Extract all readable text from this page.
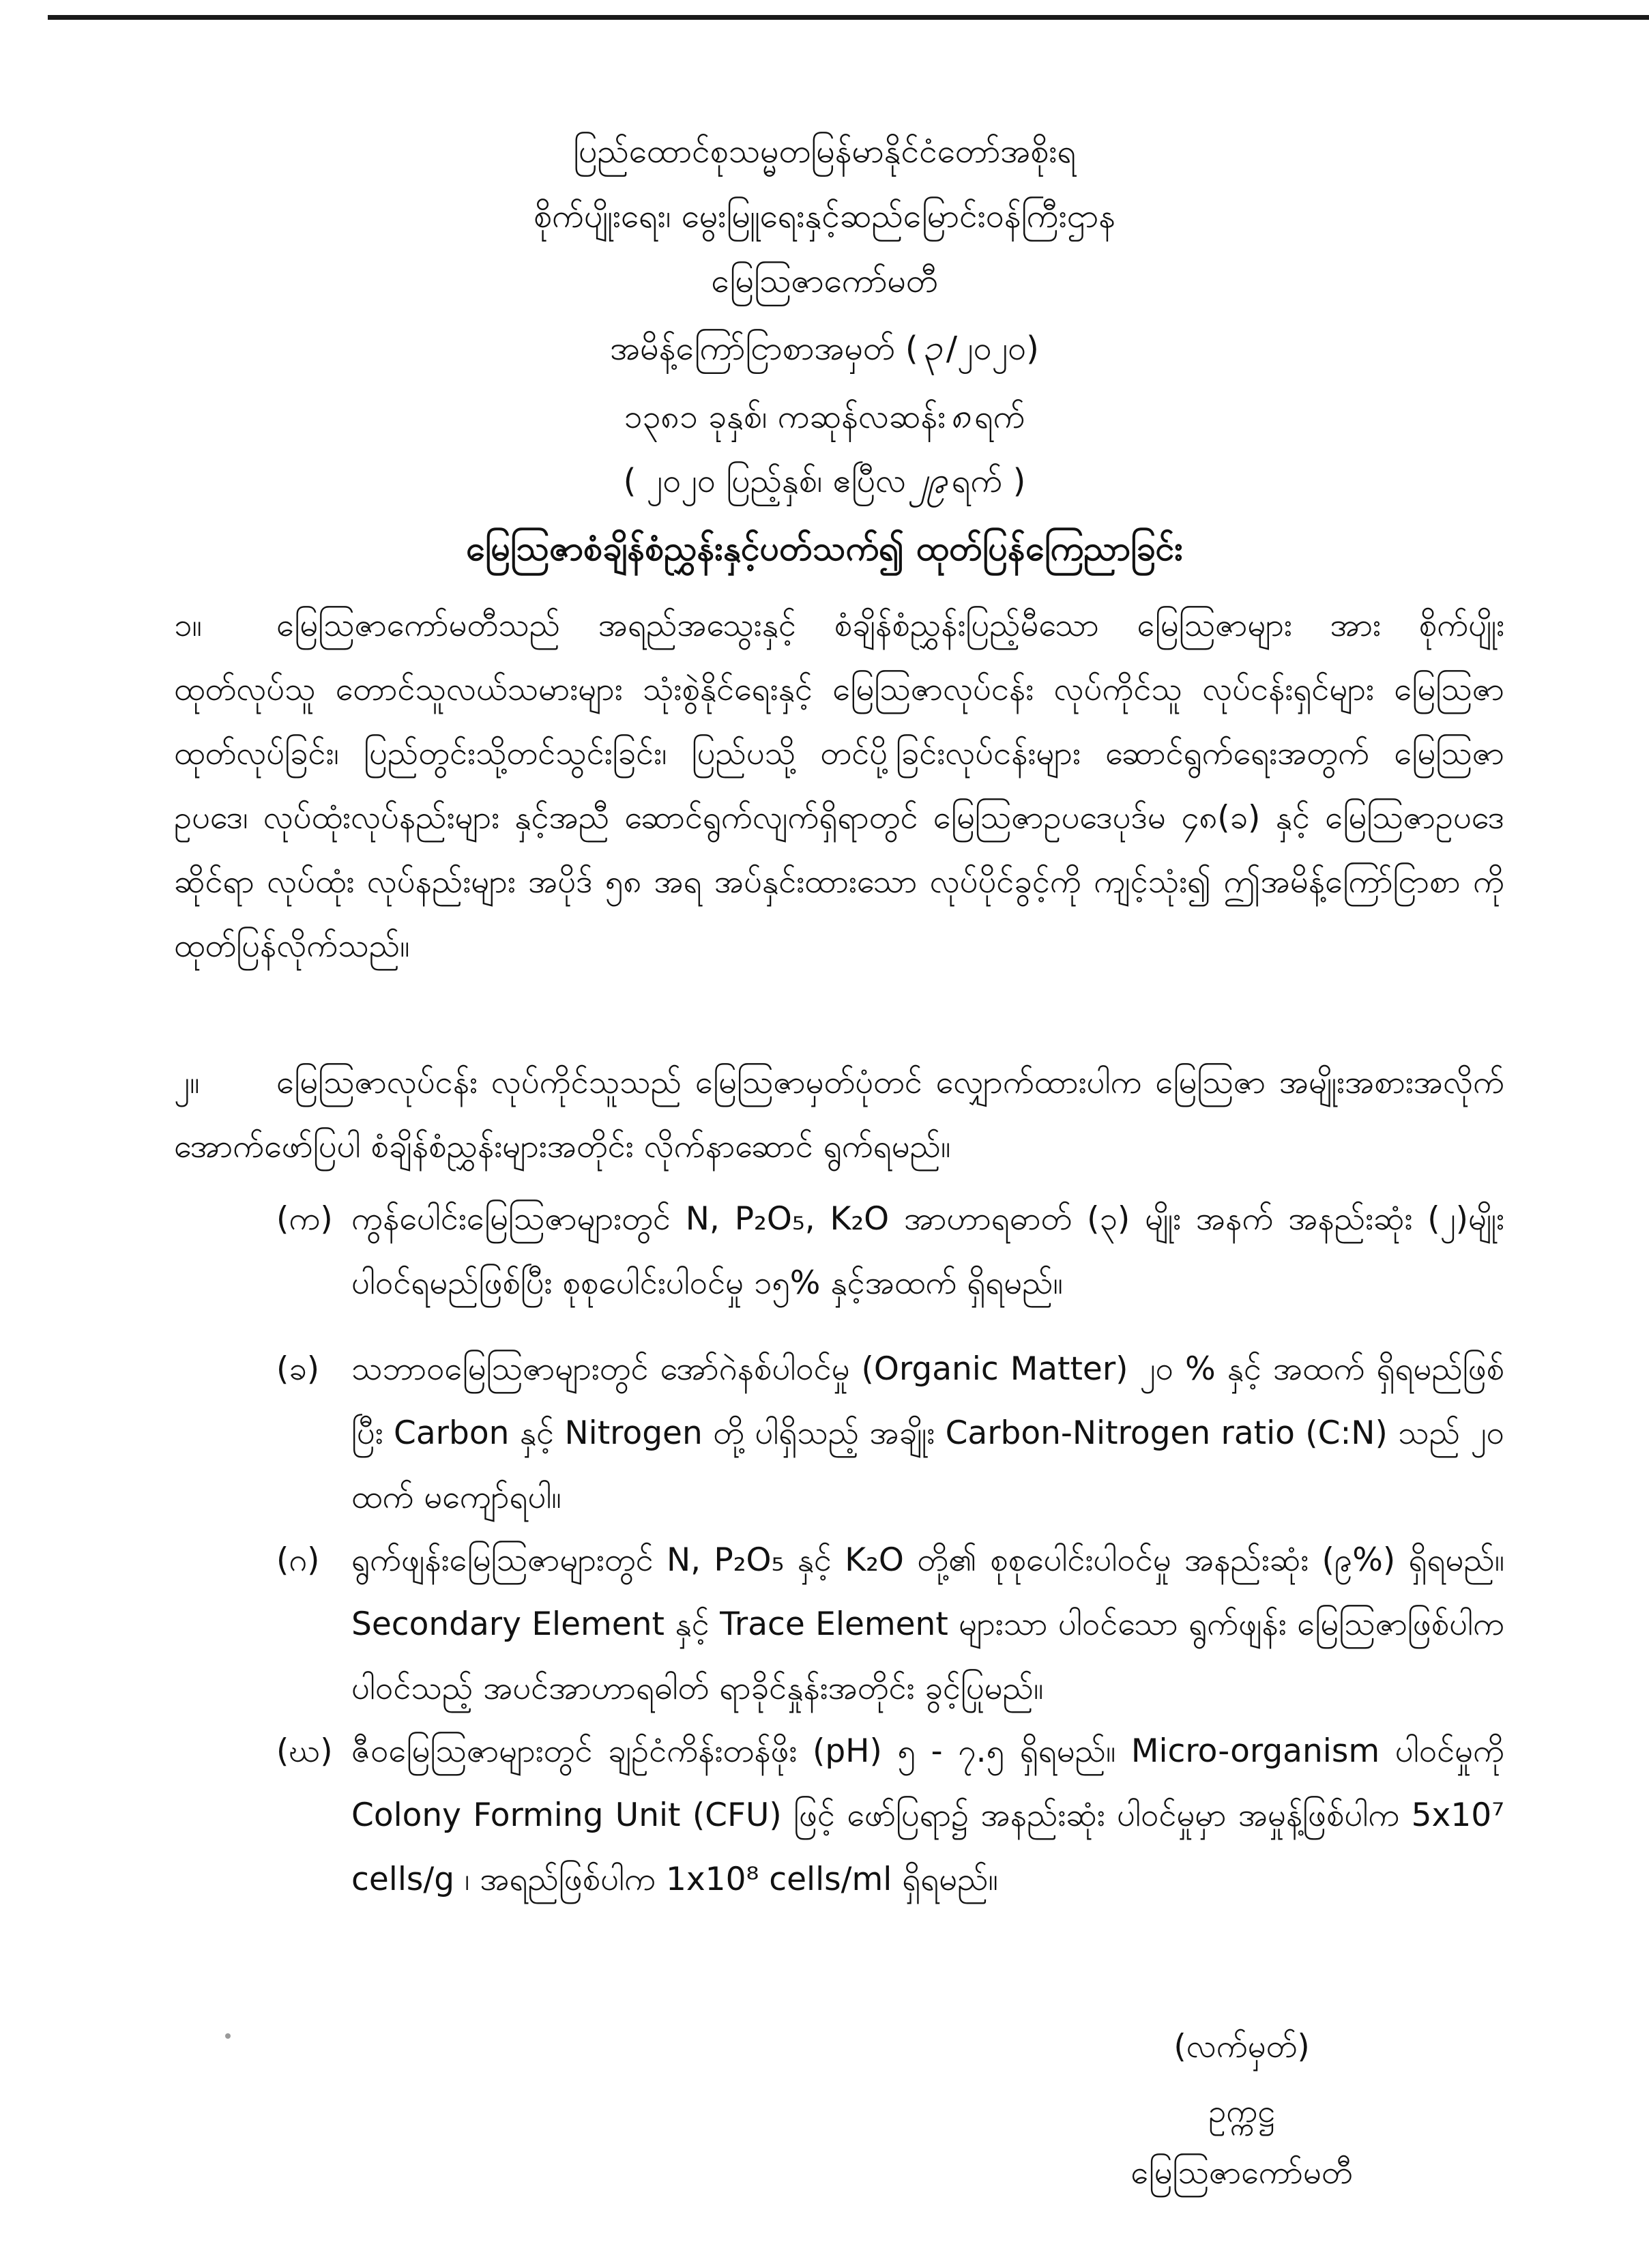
ပြည်ထောင်စုသမ္မတမြန်မာနိုင်ငံတော်အစိုးရ
စိုက်ပျိုးရေး၊ မွေးမြူရေးနှင့်ဆည်မြောင်းဝန်ကြီးဌာန
မြေသြဇာကော်မတီ
အမိန့်ကြော်ငြာစာအမှတ် ( ၃ /၂၀၂၀)
၁၃၈၁ ခုနှစ်၊ ကဆုန်လဆန်း ၈ ရက်
( ၂၀၂၀ ပြည့်နှစ်၊ ဧပြီလ ၂၉ ရက် )
မြေသြဇာစံချိန်စံညွှန်းနှင့်ပတ်သက်၍ ထုတ်ပြန်ကြေညာခြင်း
၁။ မြေသြဇာကော်မတီသည် အရည်အသွေးနှင့် စံချိန်စံညွှန်းပြည့်မီသော မြေသြဇာများ အား စိုက်ပျိုးထုတ်လုပ်သူ တောင်သူလယ်သမားများ သုံးစွဲနိုင်ရေးနှင့် မြေသြဇာလုပ်ငန်း လုပ်ကိုင်သူ လုပ်ငန်းရှင်များ မြေသြဇာထုတ်လုပ်ခြင်း၊ ပြည်တွင်းသို့တင်သွင်းခြင်း၊ ပြည်ပသို့ တင်ပို့ခြင်းလုပ်ငန်းများ ဆောင်ရွက်ရေးအတွက် မြေသြဇာဥပဒေ၊ လုပ်ထုံးလုပ်နည်းများ နှင့်အညီ ဆောင်ရွက်လျက်ရှိရာတွင် မြေသြဇာဥပဒေပုဒ်မ ၄၈(ခ) နှင့် မြေသြဇာဥပဒေဆိုင်ရာ လုပ်ထုံး လုပ်နည်းများ အပိုဒ် ၅၈ အရ အပ်နှင်းထားသော လုပ်ပိုင်ခွင့်ကို ကျင့်သုံး၍ ဤအမိန့်ကြော်ငြာစာ ကို ထုတ်ပြန်လိုက်သည်။
၂။ မြေသြဇာလုပ်ငန်း လုပ်ကိုင်သူသည် မြေသြဇာမှတ်ပုံတင် လျှောက်ထားပါက မြေသြဇာ အမျိုးအစားအလိုက် အောက်ဖော်ပြပါ စံချိန်စံညွှန်းများအတိုင်း လိုက်နာဆောင် ရွက်ရမည်။
(က) ကွန်ပေါင်းမြေသြဇာများတွင် N, P₂O₅, K₂O အာဟာရဓာတ် (၃) မျိုး အနက် အနည်းဆုံး (၂)မျိုး ပါဝင်ရမည်ဖြစ်ပြီး စုစုပေါင်းပါဝင်မှု ၁၅% နှင့်အထက် ရှိရမည်။
(ခ) သဘာဝမြေသြဇာများတွင် အော်ဂဲနစ်ပါဝင်မှု (Organic Matter) ၂၀ % နှင့် အထက် ရှိရမည်ဖြစ်ပြီး Carbon နှင့် Nitrogen တို့ ပါရှိသည့် အချိုး Carbon-Nitrogen ratio (C:N) သည် ၂၀ ထက် မကျော်ရပါ။
(ဂ) ရွက်ဖျန်းမြေသြဇာများတွင် N, P₂O₅ နှင့် K₂O တို့၏ စုစုပေါင်းပါဝင်မှု အနည်းဆုံး (၉%) ရှိရမည်။ Secondary Element နှင့် Trace Element များသာ ပါဝင်သော ရွက်ဖျန်း မြေသြဇာဖြစ်ပါက ပါဝင်သည့် အပင်အာဟာရဓါတ် ရာခိုင်နှုန်းအတိုင်း ခွင့်ပြုမည်။
(ဃ) ဇီဝမြေသြဇာများတွင် ချဉ်ငံကိန်းတန်ဖိုး (pH) ၅ - ၇.၅ ရှိရမည်။ Micro-organism ပါဝင်မှုကို Colony Forming Unit (CFU) ဖြင့် ဖော်ပြရာ၌ အနည်းဆုံး ပါဝင်မှုမှာ အမှုန့်ဖြစ်ပါက 5x10⁷ cells/g ၊ အရည်ဖြစ်ပါက 1x10⁸ cells/ml ရှိရမည်။
(လက်မှတ်)
ဥက္ကဋ္ဌ
မြေသြဇာကော်မတီ
